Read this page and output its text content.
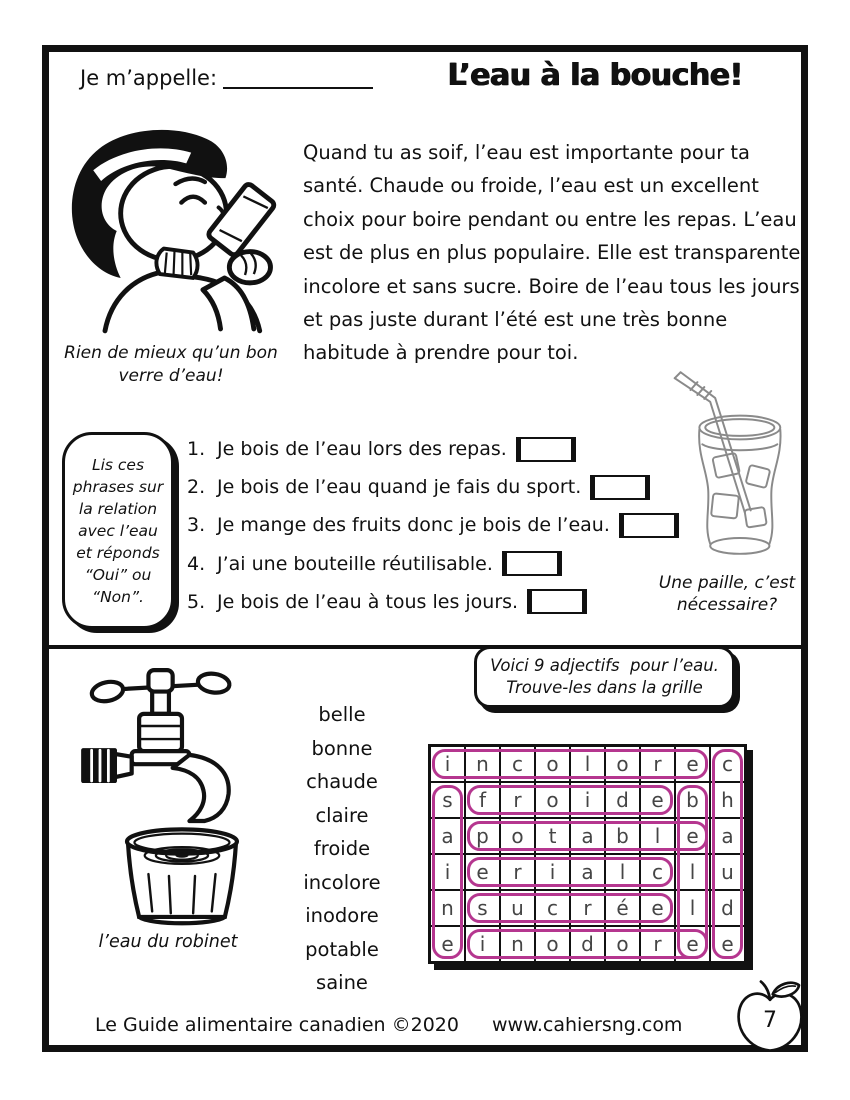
Je m’appelle:	L’eau à la bouche!
Rien de mieux qu’un bon verre d’eau!
Quand tu as soif, l’eau est importante pour ta santé. Chaude ou froide, l’eau est un excellent choix pour boire pendant ou entre les repas. L’eau est de plus en plus populaire. Elle est transparente, incolore et sans sucre. Boire de l’eau tous les jours et pas juste durant l’été est une très bonne habitude à prendre pour toi.
Lis ces phrases sur la relation avec l’eau et réponds “Oui” ou “Non”.
1. Je bois de l’eau lors des repas.
2. Je bois de l’eau quand je fais du sport.
3. Je mange des fruits donc je bois de l’eau.
4. J’ai une bouteille réutilisable.
5. Je bois de l’eau à tous les jours.
Une paille, c’est nécessaire?
l’eau du robinet
belle
bonne
chaude
claire
froide
incolore
inodore
potable
saine
Voici 9 adjectifs  pour l’eau.
Trouve-les dans la grille
i	n	c	o	l	o	r	e	c
s	f	r	o	i	d	e	b	h
a	p	o	t	a	b	l	e	a
i	e	r	i	a	l	c	l	u
n	s	u	c	r	é	e	l	d
e	i	n	o	d	o	r	e	e
Le Guide alimentaire canadien ©2020 www.cahiersng.com	7
